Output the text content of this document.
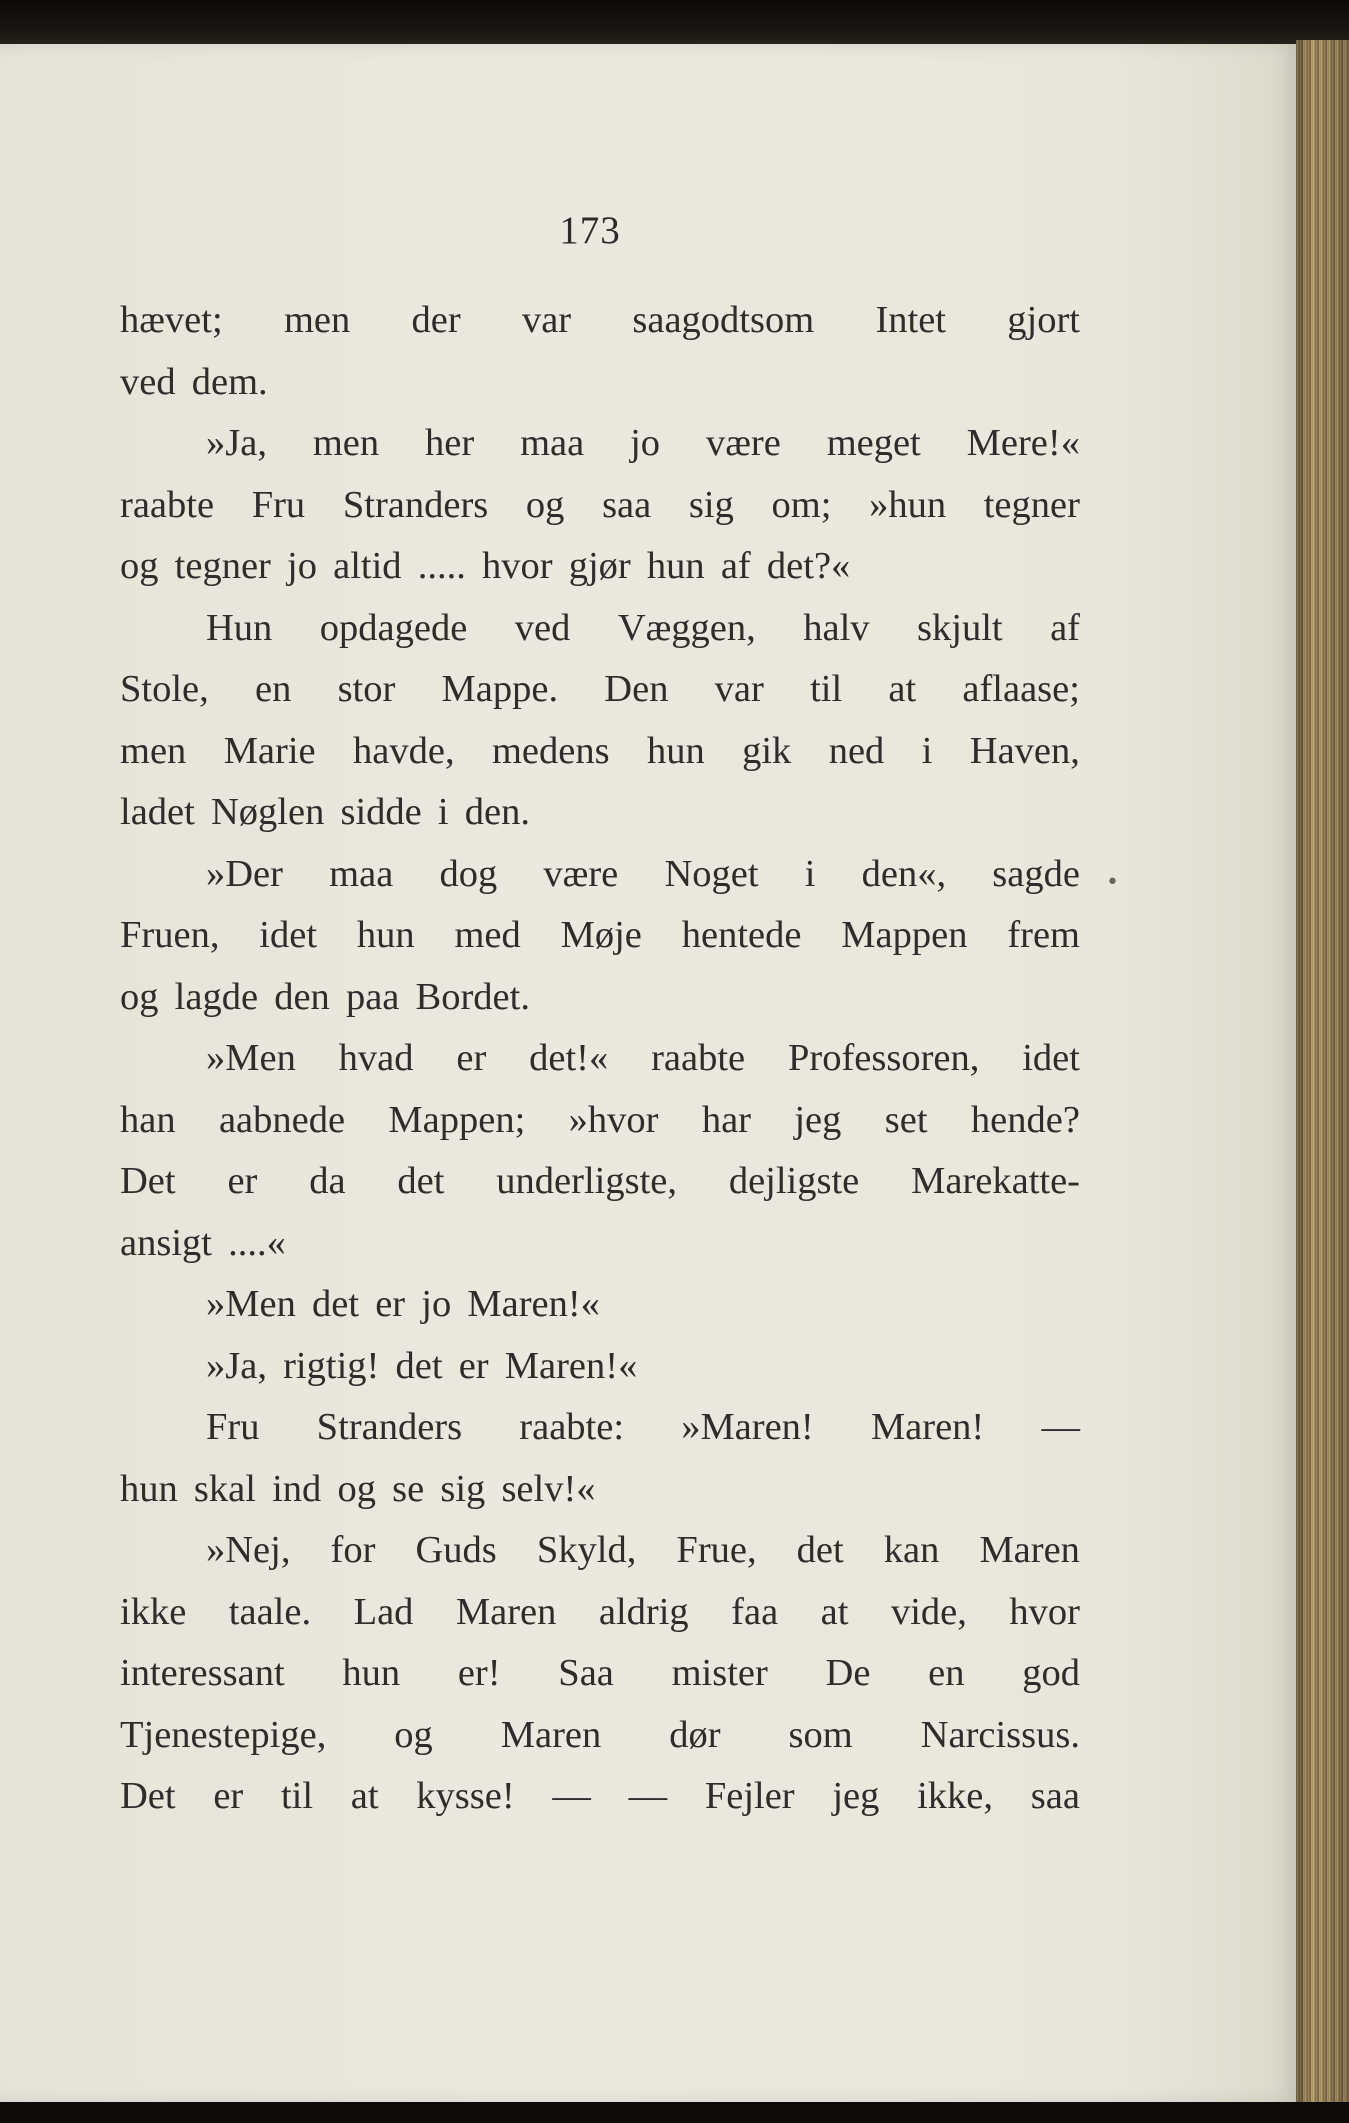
173
hævet; men der var saagodtsom Intet gjort
ved dem.
»Ja, men her maa jo være meget Mere!«
raabte Fru Stranders og saa sig om; »hun tegner
og tegner jo altid ..... hvor gjør hun af det?«
Hun opdagede ved Væggen, halv skjult af
Stole, en stor Mappe. Den var til at aflaase;
men Marie havde, medens hun gik ned i Haven,
ladet Nøglen sidde i den.
»Der maa dog være Noget i den«, sagde
Fruen, idet hun med Møje hentede Mappen frem
og lagde den paa Bordet.
»Men hvad er det!« raabte Professoren, idet
han aabnede Mappen; »hvor har jeg set hende?
Det er da det underligste, dejligste Marekatte-
ansigt ....«
»Men det er jo Maren!«
»Ja, rigtig! det er Maren!«
Fru Stranders raabte: »Maren! Maren! —
hun skal ind og se sig selv!«
»Nej, for Guds Skyld, Frue, det kan Maren
ikke taale. Lad Maren aldrig faa at vide, hvor
interessant hun er! Saa mister De en god
Tjenestepige, og Maren dør som Narcissus.
Det er til at kysse! — — Fejler jeg ikke, saa
•
